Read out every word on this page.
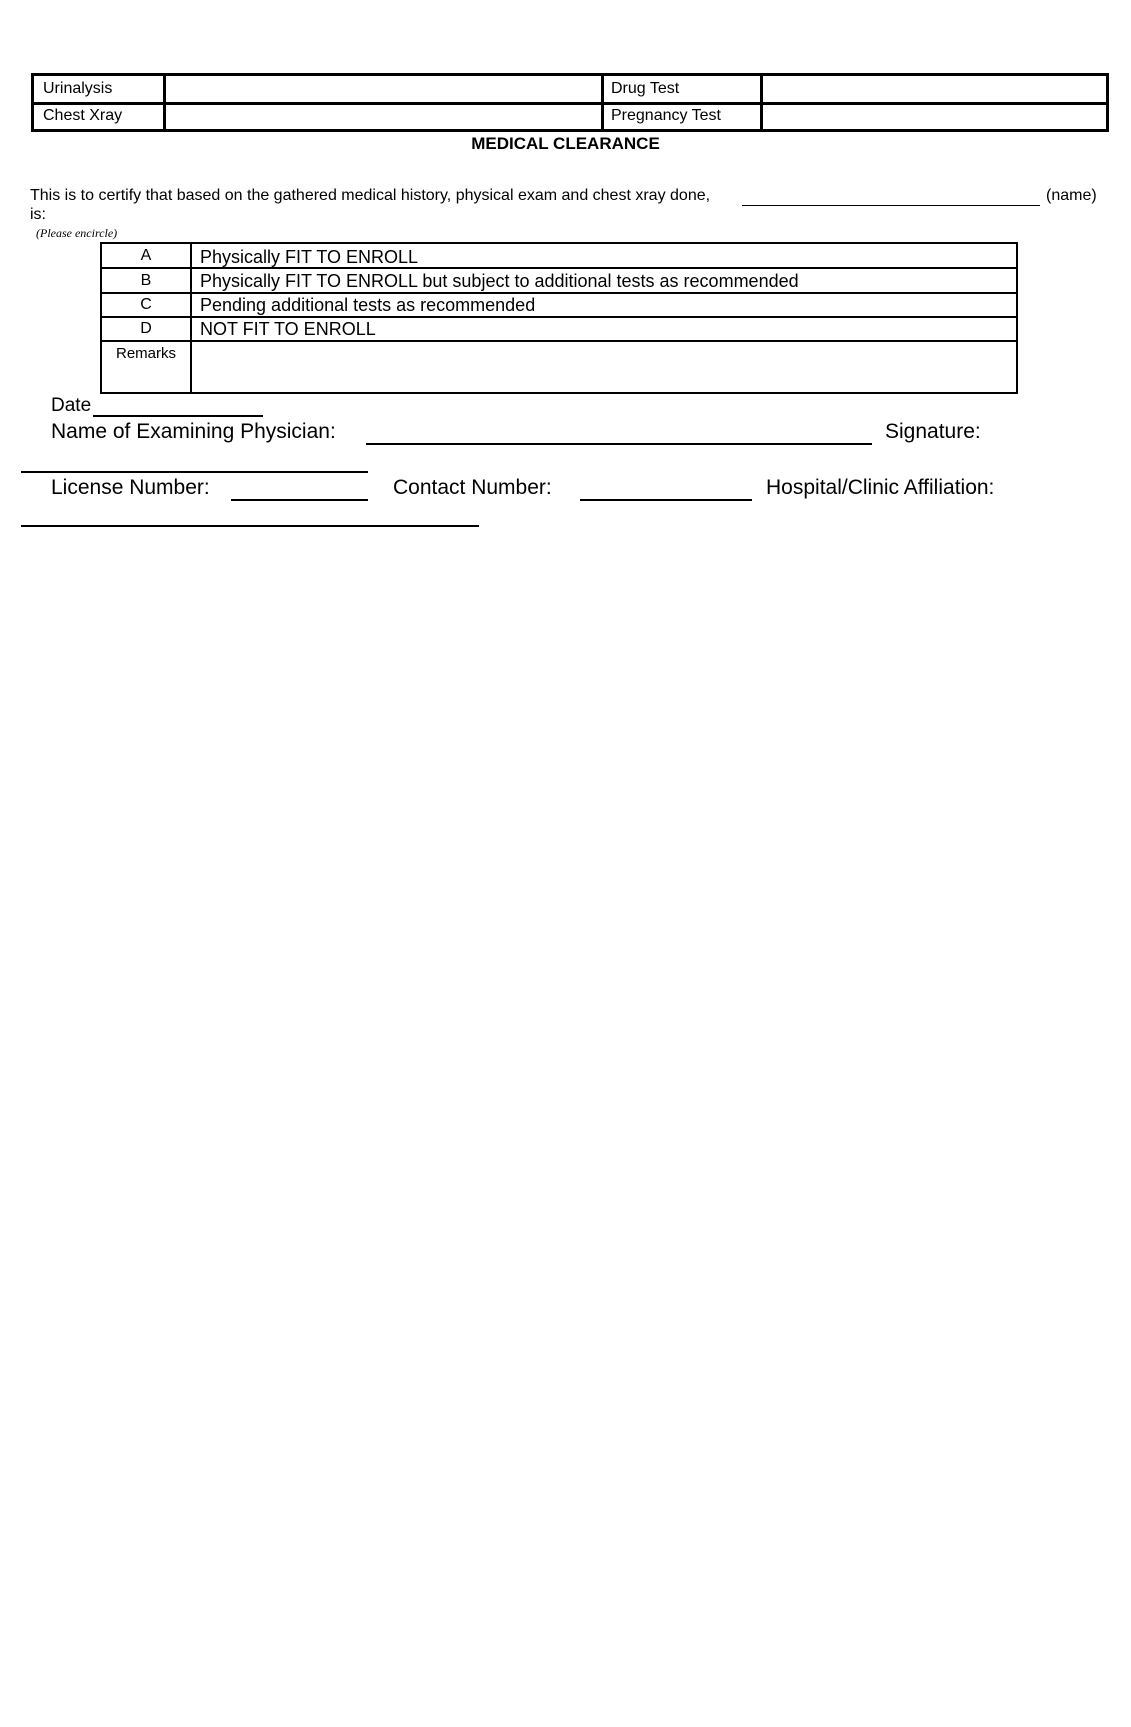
Urinalysis	Drug Test
Chest Xray	Pregnancy Test
MEDICAL CLEARANCE
This is to certify that based on the gathered medical history, physical exam and chest xray done,	(name)
is:
(Please encircle)
A	Physically FIT TO ENROLL
B	Physically FIT TO ENROLL but subject to additional tests as recommended
C	Pending additional tests as recommended
D	NOT FIT TO ENROLL
Remarks
Date
Name of Examining Physician:	Signature:
License Number:	Contact Number:	Hospital/Clinic Affiliation:
